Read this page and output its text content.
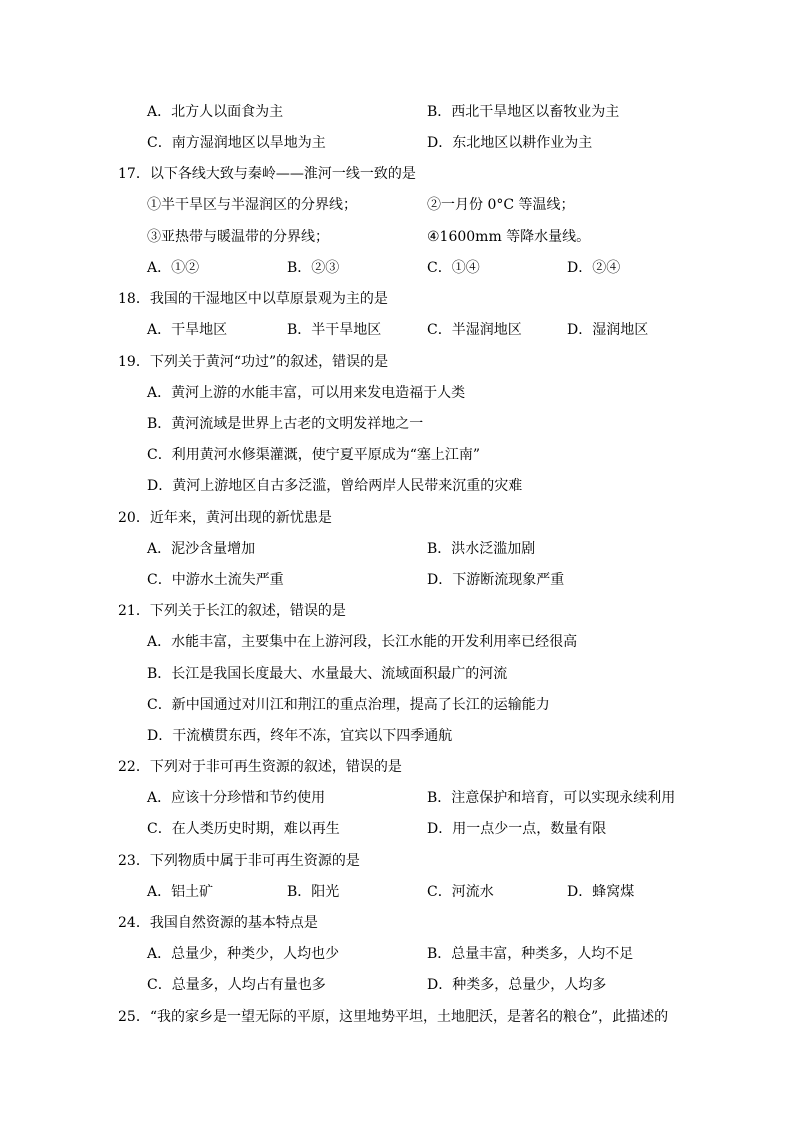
A．北方人以面食为主	B．西北干旱地区以畜牧业为主
C．南方湿润地区以旱地为主	D．东北地区以耕作业为主
17．以下各线大致与秦岭——淮河一线一致的是
①半干旱区与半湿润区的分界线；	②一月份 0°C 等温线；
③亚热带与暖温带的分界线；	④1600mm 等降水量线。
A．①②	B．②③	C．①④	D．②④
18．我国的干湿地区中以草原景观为主的是
A．干旱地区	B．半干旱地区	C．半湿润地区	D．湿润地区
19．下列关于黄河“功过”的叙述，错误的是
A．黄河上游的水能丰富，可以用来发电造福于人类
B．黄河流域是世界上古老的文明发祥地之一
C．利用黄河水修渠灌溉，使宁夏平原成为“塞上江南”
D．黄河上游地区自古多泛滥，曾给两岸人民带来沉重的灾难
20．近年来，黄河出现的新忧患是
A．泥沙含量增加	B．洪水泛滥加剧
C．中游水土流失严重	D．下游断流现象严重
21．下列关于长江的叙述，错误的是
A．水能丰富，主要集中在上游河段，长江水能的开发利用率已经很高
B．长江是我国长度最大、水量最大、流域面积最广的河流
C．新中国通过对川江和荆江的重点治理，提高了长江的运输能力
D．干流横贯东西，终年不冻，宜宾以下四季通航
22．下列对于非可再生资源的叙述，错误的是
A．应该十分珍惜和节约使用	B．注意保护和培育，可以实现永续利用
C．在人类历史时期，难以再生	D．用一点少一点，数量有限
23．下列物质中属于非可再生资源的是
A．铝土矿	B．阳光	C．河流水	D．蜂窝煤
24．我国自然资源的基本特点是
A．总量少，种类少，人均也少	B．总量丰富，种类多，人均不足
C．总量多，人均占有量也多	D．种类多，总量少，人均多
25．“我的家乡是一望无际的平原，这里地势平坦，土地肥沃，是著名的粮仓”，此描述的
